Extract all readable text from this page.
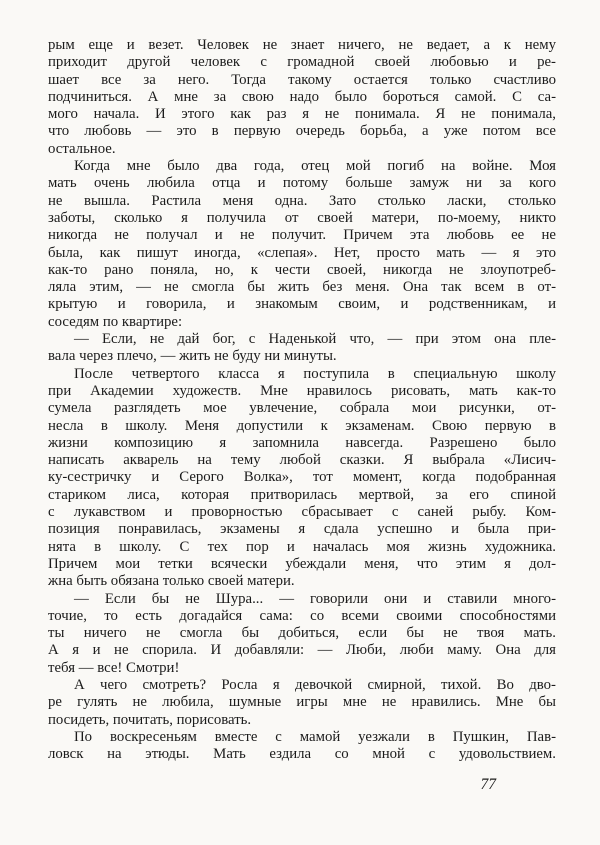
рым еще и везет. Человек не знает ничего, не ведает, а к нему
приходит другой человек с громадной своей любовью и ре-
шает все за него. Тогда такому остается только счастливо
подчиниться. А мне за свою надо было бороться самой. С са-
мого начала. И этого как раз я не понимала. Я не понимала,
что любовь — это в первую очередь борьба, а уже потом все
остальное.
Когда мне было два года, отец мой погиб на войне. Моя
мать очень любила отца и потому больше замуж ни за кого
не вышла. Растила меня одна. Зато столько ласки, столько
заботы, сколько я получила от своей матери, по-моему, никто
никогда не получал и не получит. Причем эта любовь ее не
была, как пишут иногда, «слепая». Нет, просто мать — я это
как-то рано поняла, но, к чести своей, никогда не злоупотреб-
ляла этим, — не смогла бы жить без меня. Она так всем в от-
крытую и говорила, и знакомым своим, и родственникам, и
соседям по квартире:
— Если, не дай бог, с Наденькой что, — при этом она пле-
вала через плечо, — жить не буду ни минуты.
После четвертого класса я поступила в специальную школу
при Академии художеств. Мне нравилось рисовать, мать как-то
сумела разглядеть мое увлечение, собрала мои рисунки, от-
несла в школу. Меня допустили к экзаменам. Свою первую в
жизни композицию я запомнила навсегда. Разрешено было
написать акварель на тему любой сказки. Я выбрала «Лисич-
ку-сестричку и Серого Волка», тот момент, когда подобранная
стариком лиса, которая притворилась мертвой, за его спиной
с лукавством и проворностью сбрасывает с саней рыбу. Ком-
позиция понравилась, экзамены я сдала успешно и была при-
нята в школу. С тех пор и началась моя жизнь художника.
Причем мои тетки всячески убеждали меня, что этим я дол-
жна быть обязана только своей матери.
— Если бы не Шура... — говорили они и ставили много-
точие, то есть догадайся сама: со всеми своими способностями
ты ничего не смогла бы добиться, если бы не твоя мать.
А я и не спорила. И добавляли: — Люби, люби маму. Она для
тебя — все! Смотри!
А чего смотреть? Росла я девочкой смирной, тихой. Во дво-
ре гулять не любила, шумные игры мне не нравились. Мне бы
посидеть, почитать, порисовать.
По воскресеньям вместе с мамой уезжали в Пушкин, Пав-
ловск на этюды. Мать ездила со мной с удовольствием.
77
